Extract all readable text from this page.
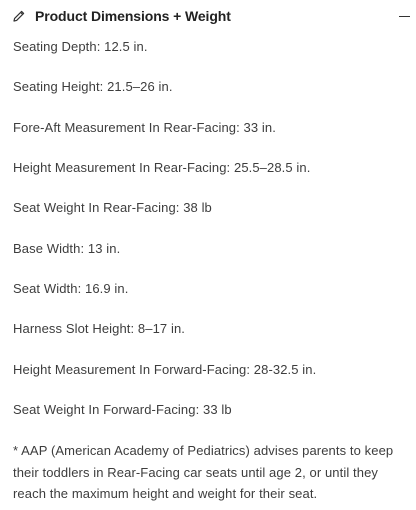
Product Dimensions + Weight
Seating Depth: 12.5 in.
Seating Height: 21.5–26 in.
Fore-Aft Measurement In Rear-Facing: 33 in.
Height Measurement In Rear-Facing: 25.5–28.5 in.
Seat Weight In Rear-Facing: 38 lb
Base Width: 13 in.
Seat Width: 16.9 in.
Harness Slot Height: 8–17 in.
Height Measurement In Forward-Facing: 28-32.5 in.
Seat Weight In Forward-Facing: 33 lb
* AAP (American Academy of Pediatrics) advises parents to keep their toddlers in Rear-Facing car seats until age 2, or until they reach the maximum height and weight for their seat.
